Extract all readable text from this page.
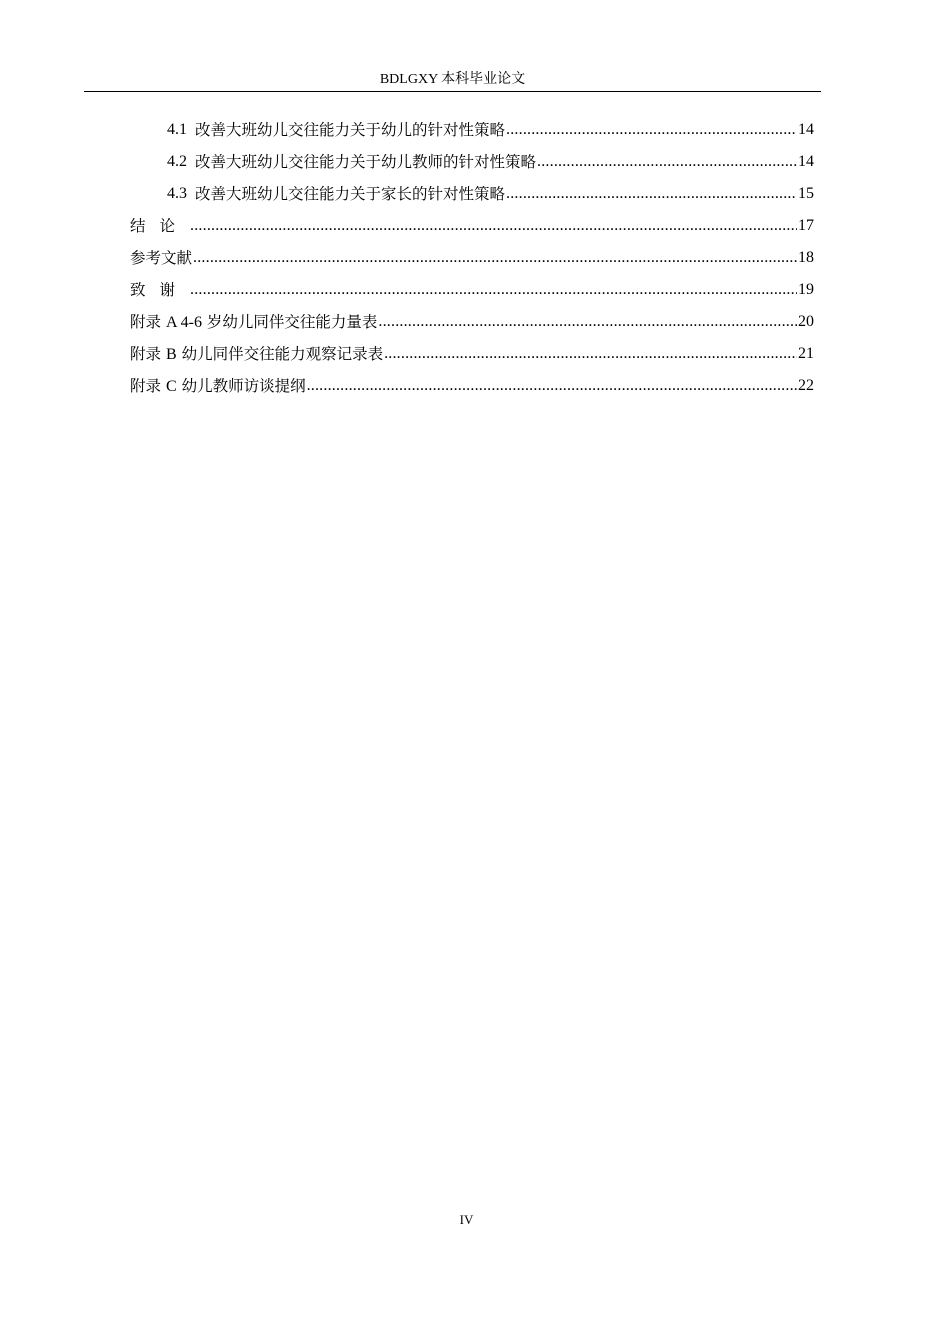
BDLGXY 本科毕业论文
4.1 改善大班幼儿交往能力关于幼儿的针对性策略 .....	14
4.2 改善大班幼儿交往能力关于幼儿教师的针对性策略 .....	14
4.3 改善大班幼儿交往能力关于家长的针对性策略 .....	15
结论 .....	17
参考文献 .....	18
致谢 .....	19
附录 A 4-6 岁幼儿同伴交往能力量表 .....	20
附录 B 幼儿同伴交往能力观察记录表 .....	21
附录 C 幼儿教师访谈提纲 .....	22
IV
